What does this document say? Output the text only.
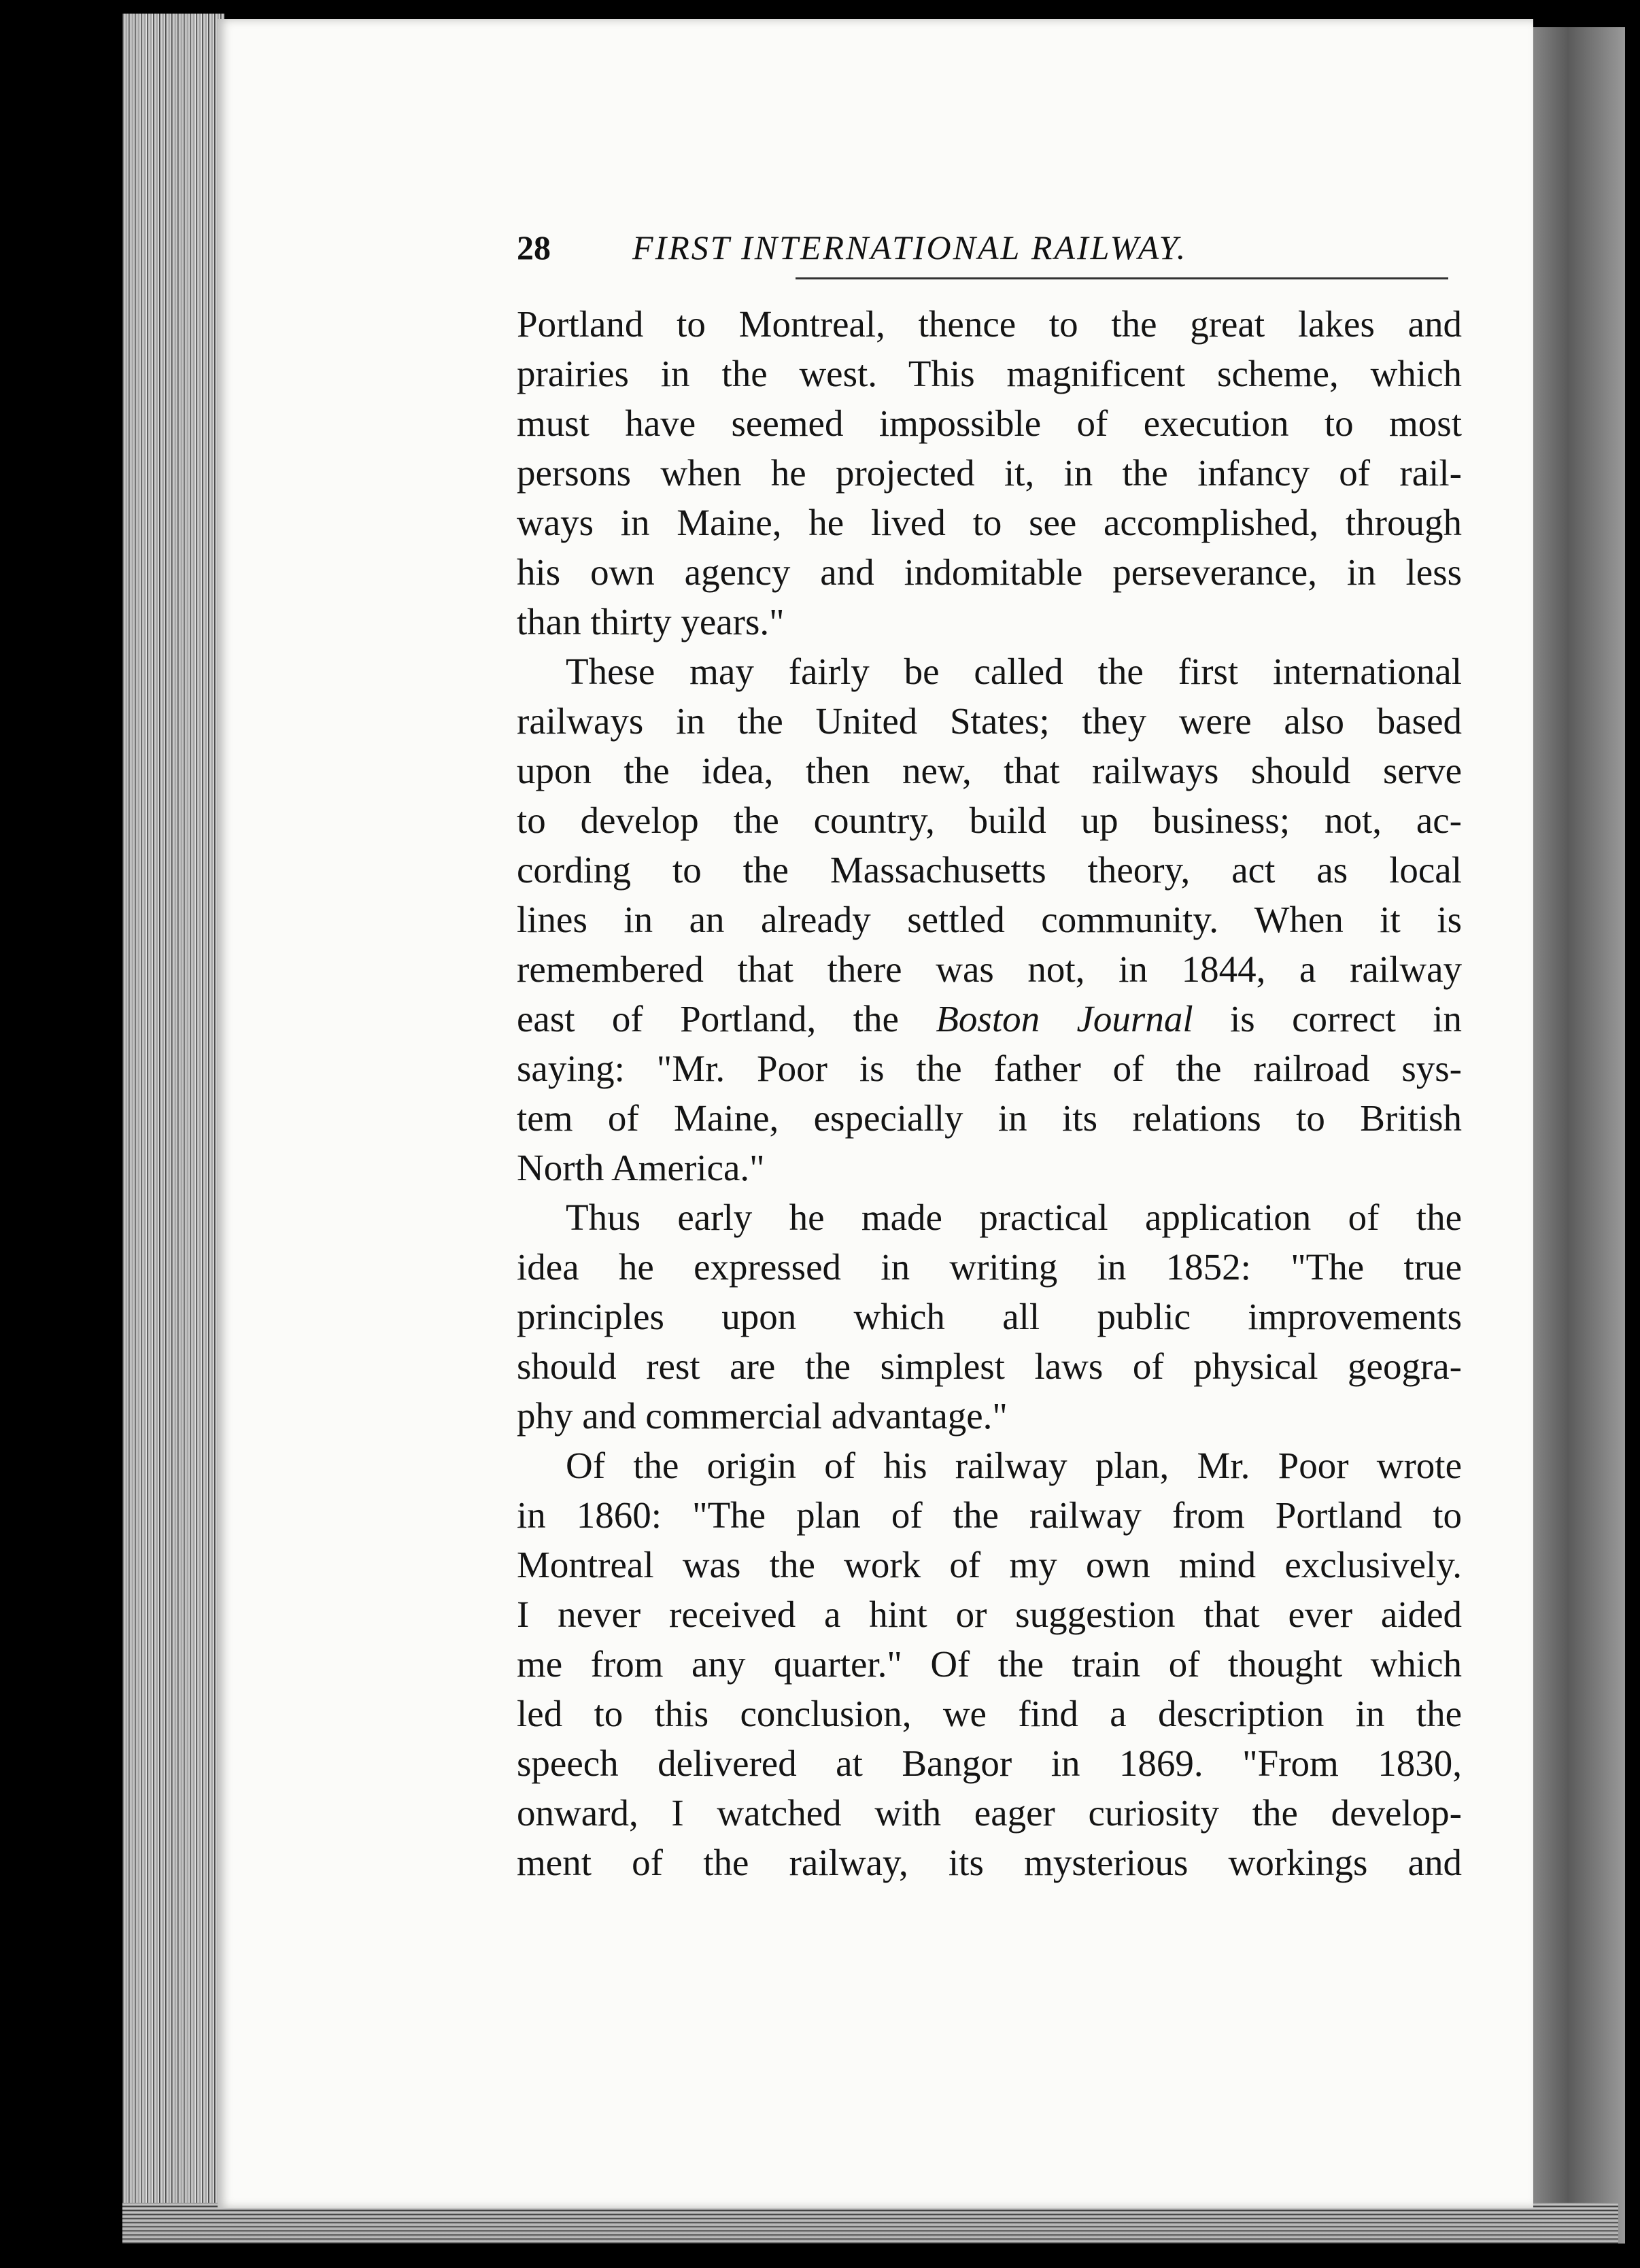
28 FIRST INTERNATIONAL RAILWAY.
Portland to Montreal, thence to the great lakes and
prairies in the west. This magnificent scheme, which
must have seemed impossible of execution to most
persons when he projected it, in the infancy of rail-
ways in Maine, he lived to see accomplished, through
his own agency and indomitable perseverance, in less
than thirty years."
These may fairly be called the first international
railways in the United States; they were also based
upon the idea, then new, that railways should serve
to develop the country, build up business; not, ac-
cording to the Massachusetts theory, act as local
lines in an already settled community. When it is
remembered that there was not, in 1844, a railway
east of Portland, the Boston Journal is correct in
saying: "Mr. Poor is the father of the railroad sys-
tem of Maine, especially in its relations to British
North America."
Thus early he made practical application of the
idea he expressed in writing in 1852: "The true
principles upon which all public improvements
should rest are the simplest laws of physical geogra-
phy and commercial advantage."
Of the origin of his railway plan, Mr. Poor wrote
in 1860: "The plan of the railway from Portland to
Montreal was the work of my own mind exclusively.
I never received a hint or suggestion that ever aided
me from any quarter." Of the train of thought which
led to this conclusion, we find a description in the
speech delivered at Bangor in 1869. "From 1830,
onward, I watched with eager curiosity the develop-
ment of the railway, its mysterious workings and
